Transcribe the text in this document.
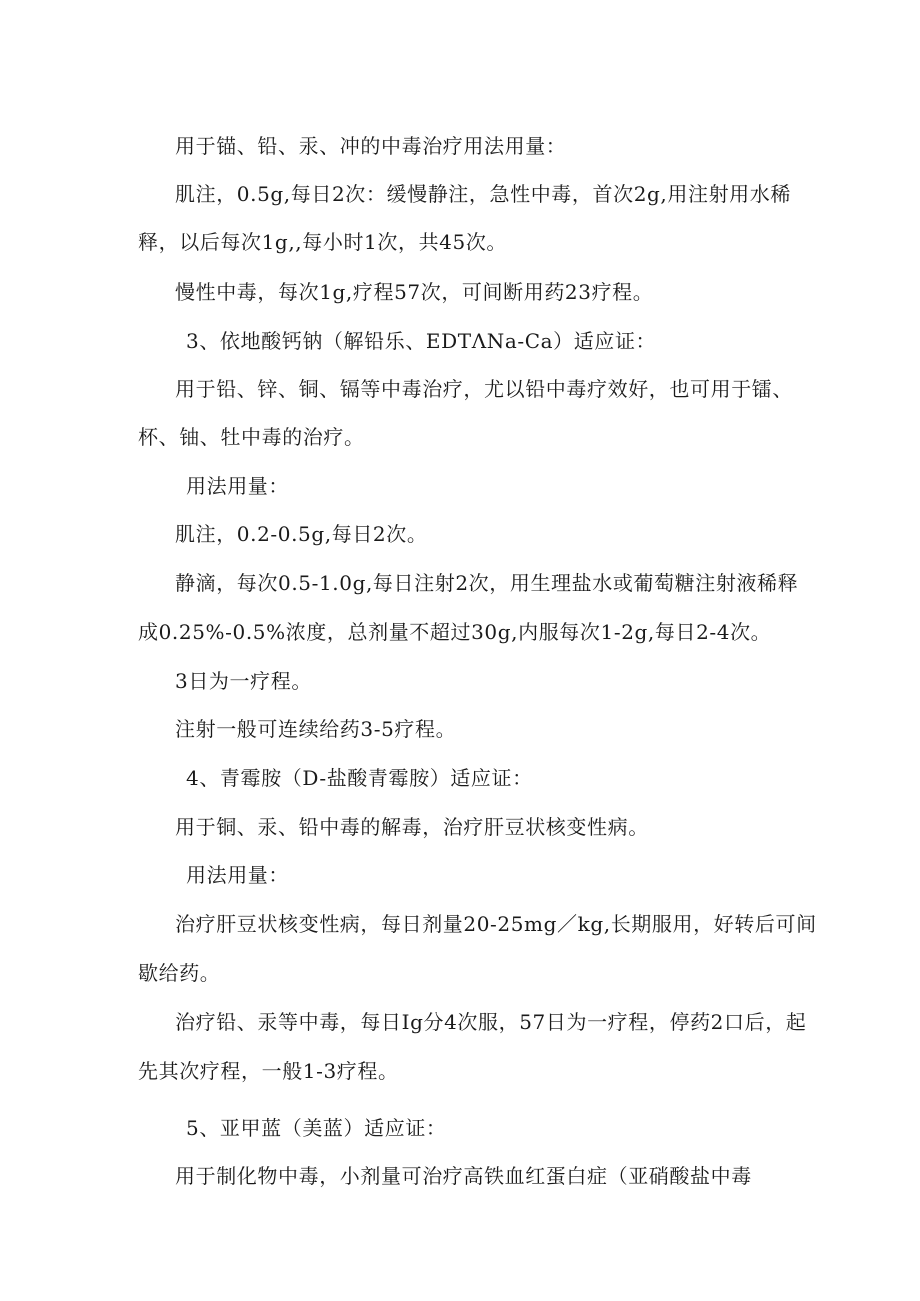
用于锚、铅、汞、冲的中毒治疗用法用量：
肌注，0.5g,每日2次：缓慢静注，急性中毒，首次2g,用注射用水稀
释，以后每次1g,,每小时1次，共45次。
慢性中毒，每次1g,疗程57次，可间断用药23疗程。
3、依地酸钙钠（解铅乐、EDTΛNa-Ca）适应证：
用于铅、锌、铜、镉等中毒治疗，尤以铅中毒疗效好，也可用于镭、
杯、铀、牡中毒的治疗。
用法用量：
肌注，0.2-0.5g,每日2次。
静滴，每次0.5-1.0g,每日注射2次，用生理盐水或葡萄糖注射液稀释
成0.25%-0.5%浓度，总剂量不超过30g,内服每次1-2g,每日2-4次。
3日为一疗程。
注射一般可连续给药3-5疗程。
4、青霉胺（D-盐酸青霉胺）适应证：
用于铜、汞、铅中毒的解毒，治疗肝豆状核变性病。
用法用量：
治疗肝豆状核变性病，每日剂量20-25mg／kg,长期服用，好转后可间
歇给药。
治疗铅、汞等中毒，每日Ig分4次服，57日为一疗程，停药2口后，起
先其次疗程，一般1-3疗程。
5、亚甲蓝（美蓝）适应证：
用于制化物中毒，小剂量可治疗高铁血红蛋白症（亚硝酸盐中毒
